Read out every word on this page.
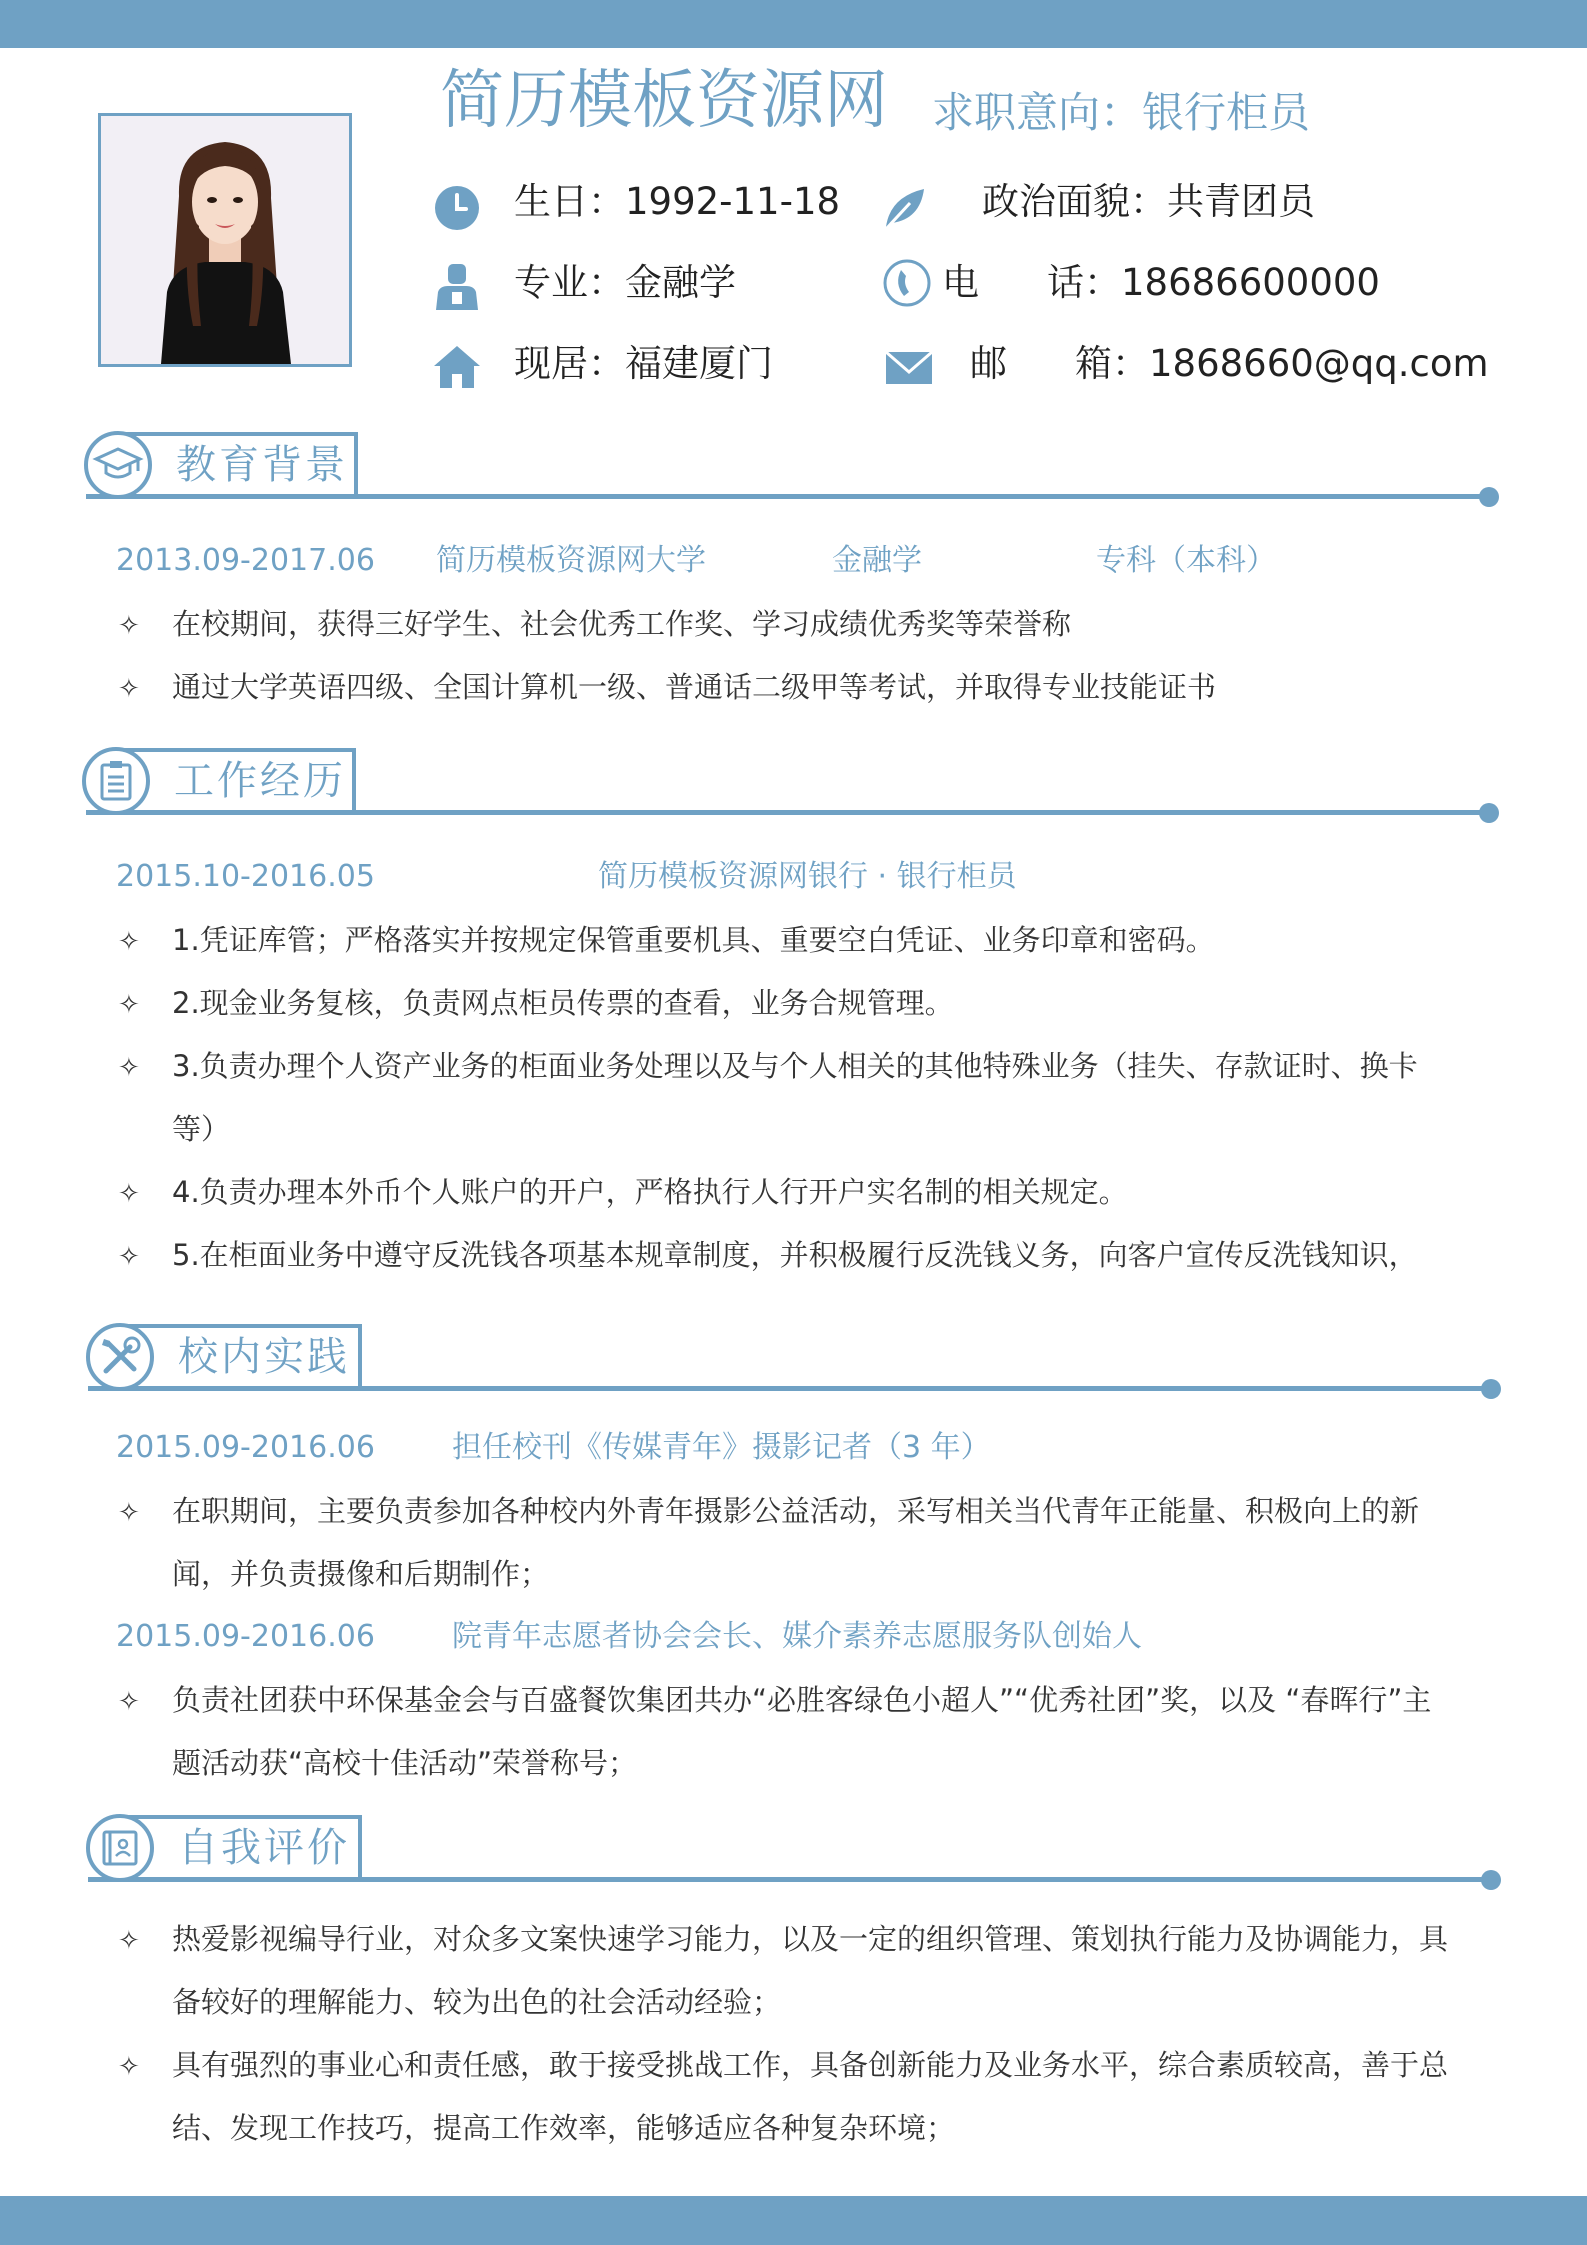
简历模板资源网 求职意向：银行柜员
生日：1992-11-18	政治面貌：共青团员
专业：金融学	电 话：18686600000
现居：福建厦门	邮 箱：1868660@qq.com
教育背景
2013.09-2017.06 简历模板资源网大学	金融学	专科（本科）
✧ 在校期间，获得三好学生、社会优秀工作奖、学习成绩优秀奖等荣誉称
✧ 通过大学英语四级、全国计算机一级、普通话二级甲等考试，并取得专业技能证书
工作经历
2015.10-2016.05	简历模板资源网银行 · 银行柜员
✧ 1.凭证库管；严格落实并按规定保管重要机具、重要空白凭证、业务印章和密码。
✧ 2.现金业务复核，负责网点柜员传票的查看，业务合规管理。
✧ 3.负责办理个人资产业务的柜面业务处理以及与个人相关的其他特殊业务（挂失、存款证时、换卡等）
✧ 4.负责办理本外币个人账户的开户，严格执行人行开户实名制的相关规定。
✧ 5.在柜面业务中遵守反洗钱各项基本规章制度，并积极履行反洗钱义务，向客户宣传反洗钱知识，
校内实践
2015.09-2016.06	担任校刊《传媒青年》摄影记者（3 年）
✧ 在职期间，主要负责参加各种校内外青年摄影公益活动，采写相关当代青年正能量、积极向上的新闻，并负责摄像和后期制作；
2015.09-2016.06	院青年志愿者协会会长、媒介素养志愿服务队创始人
✧ 负责社团获中环保基金会与百盛餐饮集团共办“必胜客绿色小超人”“优秀社团”奖，以及 “春晖行”主题活动获“高校十佳活动”荣誉称号；
自我评价
✧ 热爱影视编导行业，对众多文案快速学习能力，以及一定的组织管理、策划执行能力及协调能力，具备较好的理解能力、较为出色的社会活动经验；
✧ 具有强烈的事业心和责任感，敢于接受挑战工作，具备创新能力及业务水平，综合素质较高，善于总结、发现工作技巧，提高工作效率，能够适应各种复杂环境；
